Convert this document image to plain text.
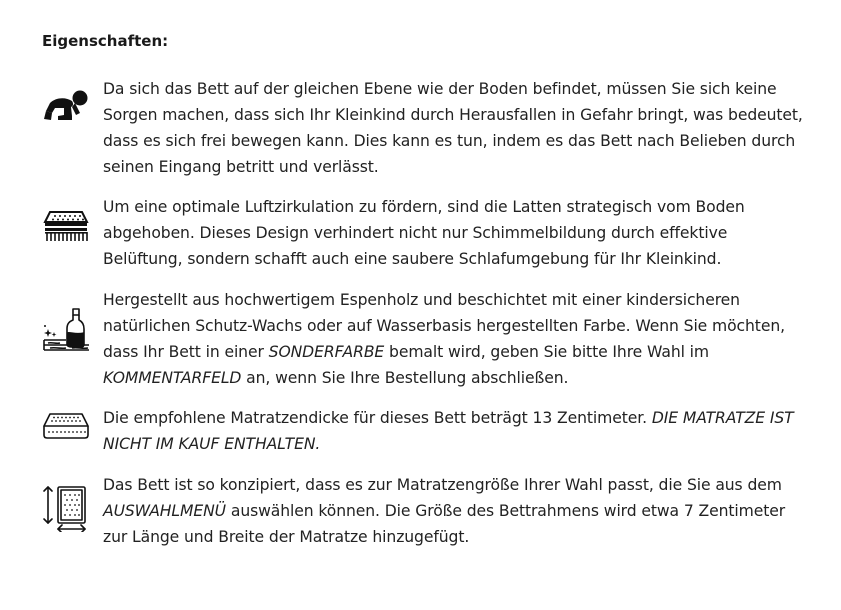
Eigenschaften:
Da sich das Bett auf der gleichen Ebene wie der Boden befindet, müssen Sie sich keine Sorgen machen, dass sich Ihr Kleinkind durch Herausfallen in Gefahr bringt, was bedeutet, dass es sich frei bewegen kann. Dies kann es tun, indem es das Bett nach Belieben durch seinen Eingang betritt und verlässt.
Um eine optimale Luftzirkulation zu fördern, sind die Latten strategisch vom Boden abgehoben. Dieses Design verhindert nicht nur Schimmelbildung durch effektive Belüftung, sondern schafft auch eine saubere Schlafumgebung für Ihr Kleinkind.
Hergestellt aus hochwertigem Espenholz und beschichtet mit einer kindersicheren natürlichen Schutz-Wachs oder auf Wasserbasis hergestellten Farbe. Wenn Sie möchten, dass Ihr Bett in einer SONDERFARBE bemalt wird, geben Sie bitte Ihre Wahl im KOMMENTARFELD an, wenn Sie Ihre Bestellung abschließen.
Die empfohlene Matratzendicke für dieses Bett beträgt 13 Zentimeter. DIE MATRATZE IST NICHT IM KAUF ENTHALTEN.
Das Bett ist so konzipiert, dass es zur Matratzengröße Ihrer Wahl passt, die Sie aus dem AUSWAHLMENÜ auswählen können. Die Größe des Bettrahmens wird etwa 7 Zentimeter zur Länge und Breite der Matratze hinzugefügt.
